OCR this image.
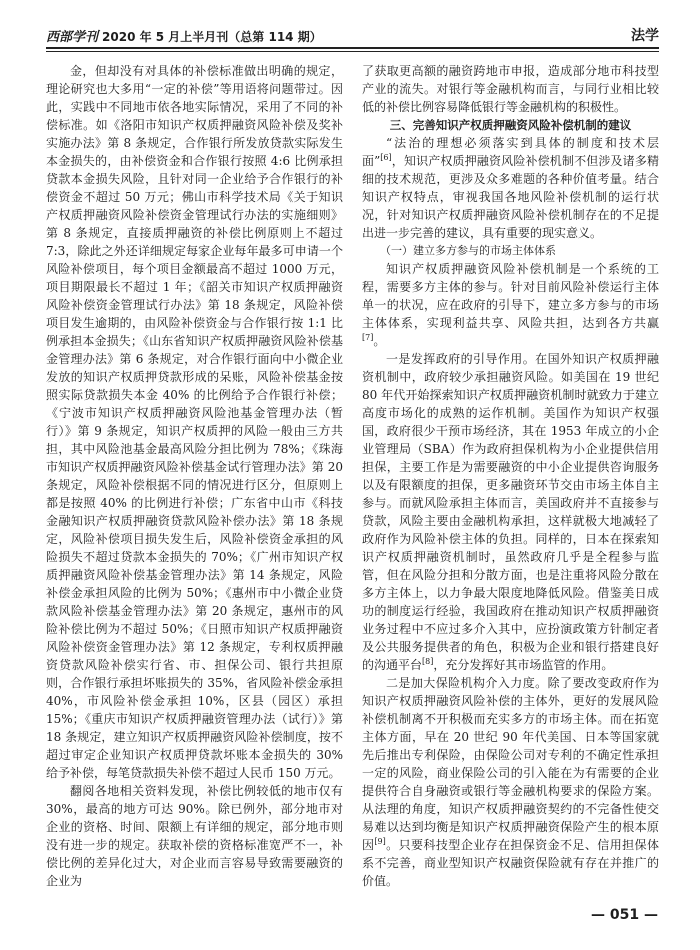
西部学刊 2020 年 5 月上半月刊（总第 114 期）	法学

金，但却没有对具体的补偿标准做出明确的规定，理论研究也大多用“一定的补偿”等用语将问题带过。因此，实践中不同地市依各地实际情况，采用了不同的补偿标准。如《洛阳市知识产权质押融资风险补偿及奖补实施办法》第 8 条规定，合作银行所发放贷款实际发生本金损失的，由补偿资金和合作银行按照 4:6 比例承担贷款本金损失风险，且针对同一企业给予合作银行的补偿资金不超过 50 万元；佛山市科学技术局《关于知识产权质押融资风险补偿资金管理试行办法的实施细则》第 8 条规定，直接质押融资的补偿比例原则上不超过 7:3，除此之外还详细规定每家企业每年最多可申请一个风险补偿项目，每个项目金额最高不超过 1000 万元，项目期限最长不超过 1 年；《韶关市知识产权质押融资风险补偿资金管理试行办法》第 18 条规定，风险补偿项目发生逾期的，由风险补偿资金与合作银行按 1:1 比例承担本金损失；《山东省知识产权质押融资风险补偿基金管理办法》第 6 条规定，对合作银行面向中小微企业发放的知识产权质押贷款形成的呆账，风险补偿基金按照实际贷款损失本金 40% 的比例给予合作银行补偿；《宁波市知识产权质押融资风险池基金管理办法（暂行）》第 9 条规定，知识产权质押的风险一般由三方共担，其中风险池基金最高风险分担比例为 78%；《珠海市知识产权质押融资风险补偿基金试行管理办法》第 20 条规定，风险补偿根据不同的情况进行区分，但原则上都是按照 40% 的比例进行补偿；广东省中山市《科技金融知识产权质押融资贷款风险补偿办法》第 18 条规定，风险补偿项目损失发生后，风险补偿资金承担的风险损失不超过贷款本金损失的 70%；《广州市知识产权质押融资风险补偿基金管理办法》第 14 条规定，风险补偿金承担风险的比例为 50%；《惠州市中小微企业贷款风险补偿基金管理办法》第 20 条规定，惠州市的风险补偿比例为不超过 50%；《日照市知识产权质押融资风险补偿资金管理办法》第 12 条规定，专利权质押融资贷款风险补偿实行省、市、担保公司、银行共担原则，合作银行承担坏账损失的 35%，省风险补偿金承担 40%，市风险补偿金承担 10%，区县（园区）承担 15%；《重庆市知识产权质押融资管理办法（试行）》第 18 条规定，建立知识产权质押融资风险补偿制度，按不超过审定企业知识产权质押贷款坏账本金损失的 30% 给予补偿，每笔贷款损失补偿不超过人民币 150 万元。

翻阅各地相关资料发现，补偿比例较低的地市仅有 30%，最高的地方可达 90%。除已例外，部分地市对企业的资格、时间、限额上有详细的规定，部分地市则没有进一步的规定。获取补偿的资格标准宽严不一，补偿比例的差异化过大，对企业而言容易导致需要融资的企业为

了获取更高额的融资跨地市申报，造成部分地市科技型产业的流失。对银行等金融机构而言，与同行业相比较低的补偿比例容易降低银行等金融机构的积极性。

三、完善知识产权质押融资风险补偿机制的建议

“法治的理想必须落实到具体的制度和技术层面”[6]，知识产权质押融资风险补偿机制不但涉及诸多精细的技术规范，更涉及众多难题的各种价值考量。结合知识产权特点，审视我国各地风险补偿机制的运行状况，针对知识产权质押融资风险补偿机制存在的不足提出进一步完善的建议，具有重要的现实意义。

（一）建立多方参与的市场主体体系

知识产权质押融资风险补偿机制是一个系统的工程，需要多方主体的参与。针对目前风险补偿运行主体单一的状况，应在政府的引导下，建立多方参与的市场主体体系，实现利益共享、风险共担，达到各方共赢[7]。

一是发挥政府的引导作用。在国外知识产权质押融资机制中，政府较少承担融资风险。如美国在 19 世纪 80 年代开始探索知识产权质押融资机制时就致力于建立高度市场化的成熟的运作机制。美国作为知识产权强国，政府很少干预市场经济，其在 1953 年成立的小企业管理局（SBA）作为政府担保机构为小企业提供信用担保，主要工作是为需要融资的中小企业提供咨询服务以及有限额度的担保，更多融资环节交由市场主体自主参与。而就风险承担主体而言，美国政府并不直接参与贷款，风险主要由金融机构承担，这样就极大地减轻了政府作为风险补偿主体的负担。同样的，日本在探索知识产权质押融资机制时，虽然政府几乎是全程参与监管，但在风险分担和分散方面，也是注重将风险分散在多方主体上，以力争最大限度地降低风险。借鉴美日成功的制度运行经验，我国政府在推动知识产权质押融资业务过程中不应过多介入其中，应扮演政策方针制定者及公共服务提供者的角色，积极为企业和银行搭建良好的沟通平台[8]，充分发挥好其市场监管的作用。

二是加大保险机构介入力度。除了要改变政府作为知识产权质押融资风险补偿的主体外，更好的发展风险补偿机制离不开积极而充实多方的市场主体。而在拓宽主体方面，早在 20 世纪 90 年代美国、日本等国家就先后推出专利保险，由保险公司对专利的不确定性承担一定的风险，商业保险公司的引入能在为有需要的企业提供符合自身融资或银行等金融机构要求的保险方案。从法理的角度，知识产权质押融资契约的不完备性使交易难以达到均衡是知识产权质押融资保险产生的根本原因[9]。只要科技型企业存在担保资金不足、信用担保体系不完善，商业型知识产权融资保险就有存在并推广的价值。

— 051 —
